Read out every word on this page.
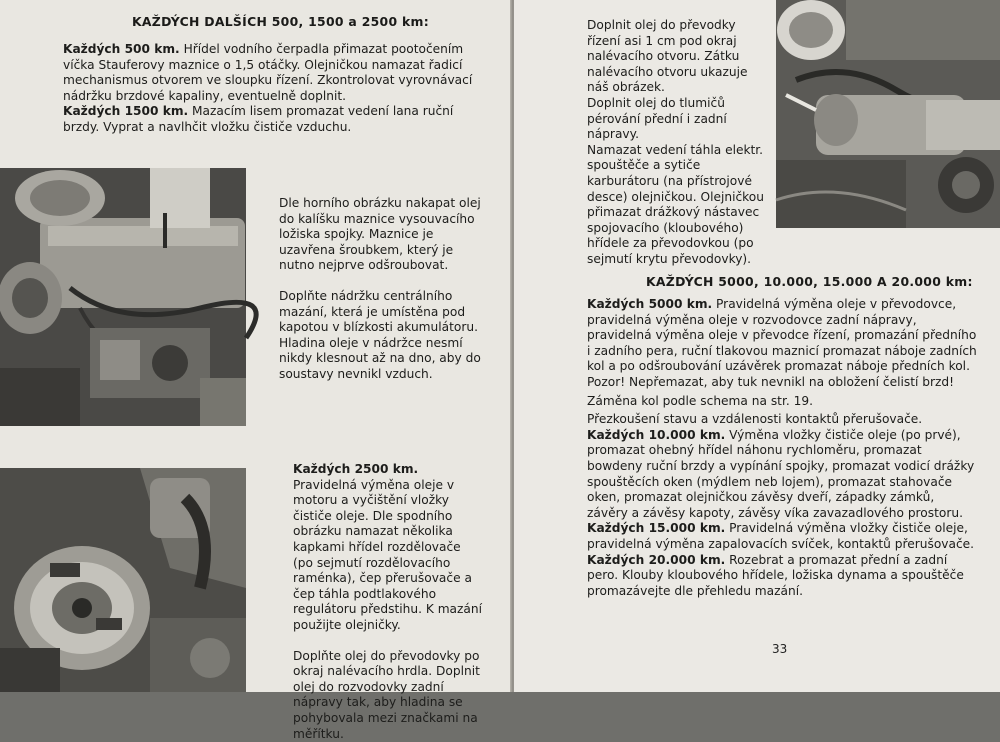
KAŽDÝCH DALŠÍCH 500, 1500 a 2500 km:

Každých 500 km. Hřídel vodního čerpadla přimazat pootočením víčka Stauferovy maznice o 1,5 otáčky. Olejničkou namazat řadicí mechanismus otvorem ve sloupku řízení. Zkontrolovat vyrovnávací nádržku brzdové kapaliny, eventuelně doplnit.

Každých 1500 km. Mazacím lisem promazat vedení lana ruční brzdy. Vyprat a navlhčit vložku čističe vzduchu.

Dle horního obrázku nakapat olej do kalíšku maznice vysouvacího ložiska spojky. Maznice je uzavřena šroubkem, který je nutno nejprve odšroubovat.

Doplňte nádržku centrálního mazání, která je umístěna pod kapotou v blízkosti akumulátoru. Hladina oleje v nádržce nesmí nikdy klesnout až na dno, aby do soustavy nevnikl vzduch.

Každých 2500 km. Pravidelná výměna oleje v motoru a vyčištění vložky čističe oleje. Dle spodního obrázku namazat několika kapkami hřídel rozdělovače (po sejmutí rozdělovacího raménka), čep přerušovače a čep táhla podtlakového regulátoru předstihu. K mazání použijte olejničky.

Doplňte olej do převodovky po okraj nalévacího hrdla. Doplnit olej do rozvodovky zadní nápravy tak, aby hladina se pohybovala mezi značkami na měřítku.

Doplnit olej do převodky řízení asi 1 cm pod okraj nalévacího otvoru. Zátku nalévacího otvoru ukazuje náš obrázek.

Doplnit olej do tlumičů pérování přední i zadní nápravy.

Namazat vedení táhla elektr. spouštěče a sytiče karburátoru (na přístrojové desce) olejničkou. Olejničkou přimazat drážkový nástavec spojovacího (kloubového) hřídele za převodovkou (po sejmutí krytu převodovky).

KAŽDÝCH 5000, 10.000, 15.000 A 20.000 km:

Každých 5000 km. Pravidelná výměna oleje v převodovce, pravidelná výměna oleje v rozvodovce zadní nápravy, pravidelná výměna oleje v převodce řízení, promazání předního i zadního pera, ruční tlakovou maznicí promazat náboje zadních kol a po odšroubování uzávěrek promazat náboje předních kol. Pozor! Nepřemazat, aby tuk nevnikl na obložení čelistí brzd!

Záměna kol podle schema na str. 19.

Přezkoušení stavu a vzdálenosti kontaktů přerušovače.

Každých 10.000 km. Výměna vložky čističe oleje (po prvé), promazat ohebný hřídel náhonu rychloměru, promazat bowdeny ruční brzdy a vypínání spojky, promazat vodicí drážky spouštěcích oken (mýdlem neb lojem), promazat stahovače oken, promazat olejničkou závěsy dveří, západky zámků, závěry a závěsy kapoty, závěsy víka zavazadlového prostoru.

Každých 15.000 km. Pravidelná výměna vložky čističe oleje, pravidelná výměna zapalovacích svíček, kontaktů přerušovače.

Každých 20.000 km. Rozebrat a promazat přední a zadní pero. Klouby kloubového hřídele, ložiska dynama a spouštěče promazávejte dle přehledu mazání.

33
